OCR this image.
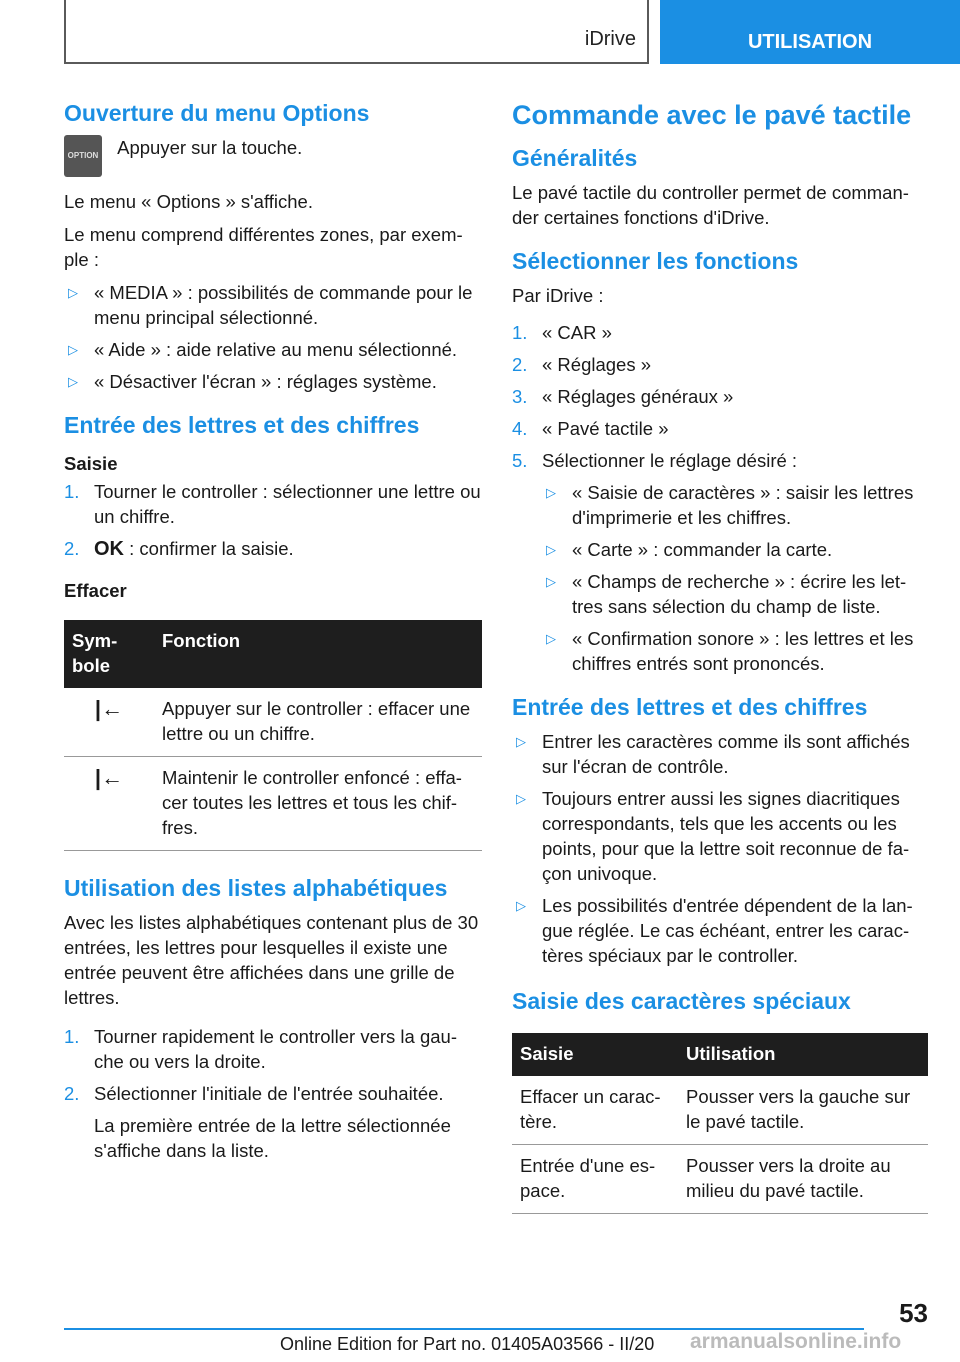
iDrive	UTILISATION
Ouverture du menu Options

OPTION Appuyer sur la touche.

Le menu « Options » s'affiche.

Le menu comprend différentes zones, par exem-ple :

▷ « MEDIA » : possibilités de commande pour le menu principal sélectionné.
▷ « Aide » : aide relative au menu sélectionné.
▷ « Désactiver l'écran » : réglages système.
Entrée des lettres et des chiffres
Saisie
1. Tourner le controller : sélectionner une lettre ou un chiffre.
2. OK : confirmer la saisie.
Effacer
Sym-bole	Fonction
|←	Appuyer sur le controller : effacer une lettre ou un chiffre.
|←	Maintenir le controller enfoncé : effa-cer toutes les lettres et tous les chif-fres.
Utilisation des listes alphabétiques

Avec les listes alphabétiques contenant plus de 30 entrées, les lettres pour lesquelles il existe une entrée peuvent être affichées dans une grille de lettres.

1. Tourner rapidement le controller vers la gau-che ou vers la droite.
2. Sélectionner l'initiale de l'entrée souhaitée.

La première entrée de la lettre sélectionnée s'affiche dans la liste.

Commande avec le pavé tactile
Généralités

Le pavé tactile du controller permet de comman-der certaines fonctions d'iDrive.

Sélectionner les fonctions

Par iDrive :

1. « CAR »
2. « Réglages »
3. « Réglages généraux »
4. « Pavé tactile »
5. Sélectionner le réglage désiré :
▷ « Saisie de caractères » : saisir les lettres d'imprimerie et les chiffres.
▷ « Carte » : commander la carte.
▷ « Champs de recherche » : écrire les let-tres sans sélection du champ de liste.
▷ « Confirmation sonore » : les lettres et les chiffres entrés sont prononcés.
Entrée des lettres et des chiffres
▷ Entrer les caractères comme ils sont affichés sur l'écran de contrôle.
▷ Toujours entrer aussi les signes diacritiques correspondants, tels que les accents ou les points, pour que la lettre soit reconnue de fa-çon univoque.
▷ Les possibilités d'entrée dépendent de la lan-gue réglée. Le cas échéant, entrer les carac-tères spéciaux par le controller.
Saisie des caractères spéciaux
Saisie	Utilisation
Effacer un carac-tère.	Pousser vers la gauche sur le pavé tactile.
Entrée d'une es-pace.	Pousser vers la droite au milieu du pavé tactile.
53
Online Edition for Part no. 01405A03566 - II/20 armanualsonline.info
